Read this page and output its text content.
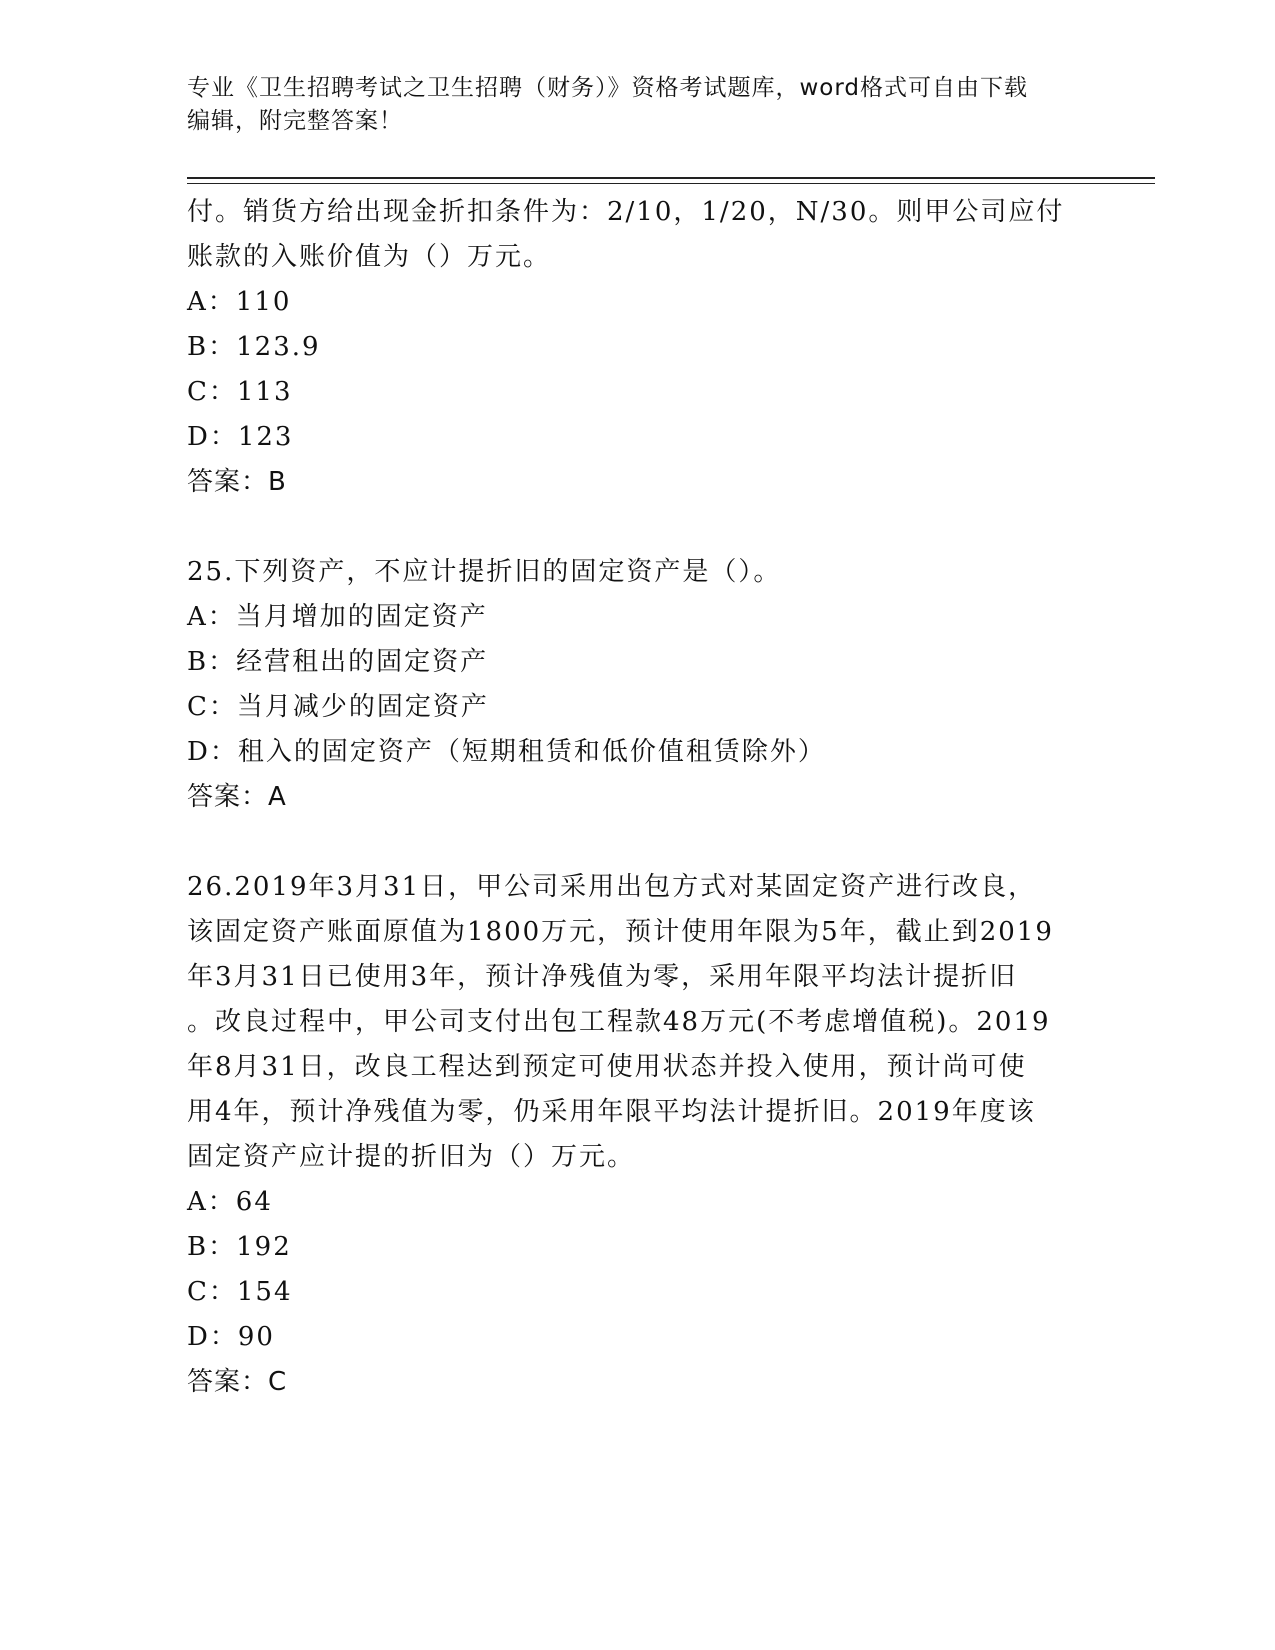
专业《卫生招聘考试之卫生招聘（财务）》资格考试题库，word格式可自由下载
编辑，附完整答案！
付。销货方给出现金折扣条件为：2/10，1/20，N/30。则甲公司应付
账款的入账价值为（）万元。
A：110
B：123.9
C：113
D：123
答案：B
25.下列资产，不应计提折旧的固定资产是（）。
A：当月增加的固定资产
B：经营租出的固定资产
C：当月减少的固定资产
D：租入的固定资产（短期租赁和低价值租赁除外）
答案：A
26.2019年3月31日，甲公司采用出包方式对某固定资产进行改良，
该固定资产账面原值为1800万元，预计使用年限为5年，截止到2019
年3月31日已使用3年，预计净残值为零，采用年限平均法计提折旧
。改良过程中，甲公司支付出包工程款48万元(不考虑增值税)。2019
年8月31日，改良工程达到预定可使用状态并投入使用，预计尚可使
用4年，预计净残值为零，仍采用年限平均法计提折旧。2019年度该
固定资产应计提的折旧为（）万元。
A：64
B：192
C：154
D：90
答案：C
